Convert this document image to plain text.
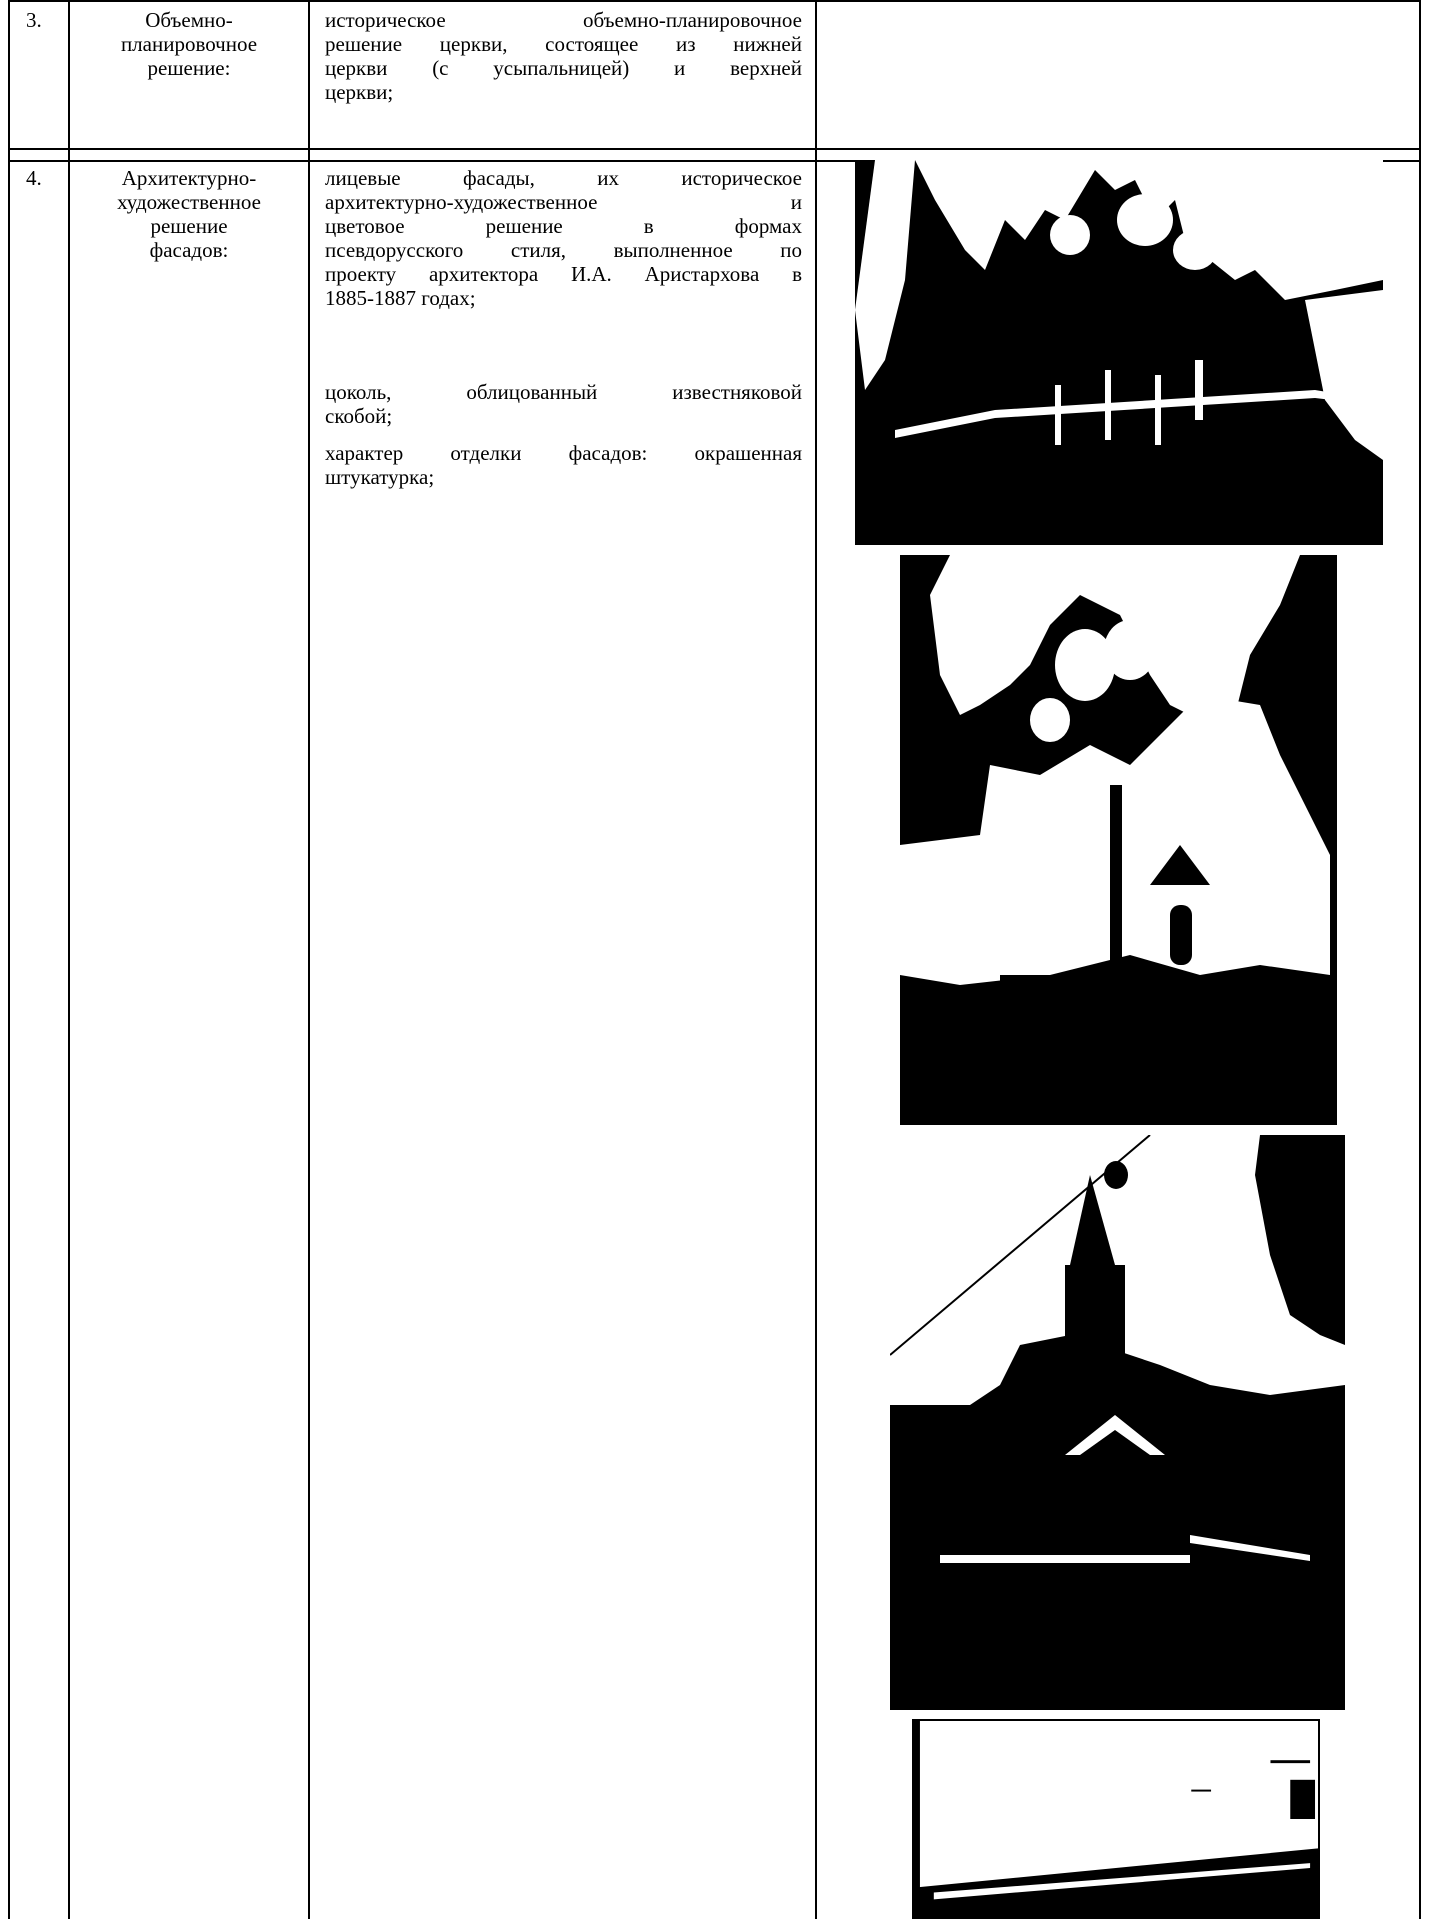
3.	Объемно-
планировочное
решение:
историческое объемно-планировочное
решение церкви, состоящее из нижней
церкви (с усыпальницей) и верхней
церкви;
4.	Архитектурно-
художественное
решение
фасадов:
лицевые фасады, их историческое
архитектурно-художественное и
цветовое решение в формах
псевдорусского стиля, выполненное по
проекту архитектора И.А. Аристархова в
1885-1887 годах;
цоколь, облицованный известняковой
скобой;
характер отделки фасадов: окрашенная
штукатурка;
